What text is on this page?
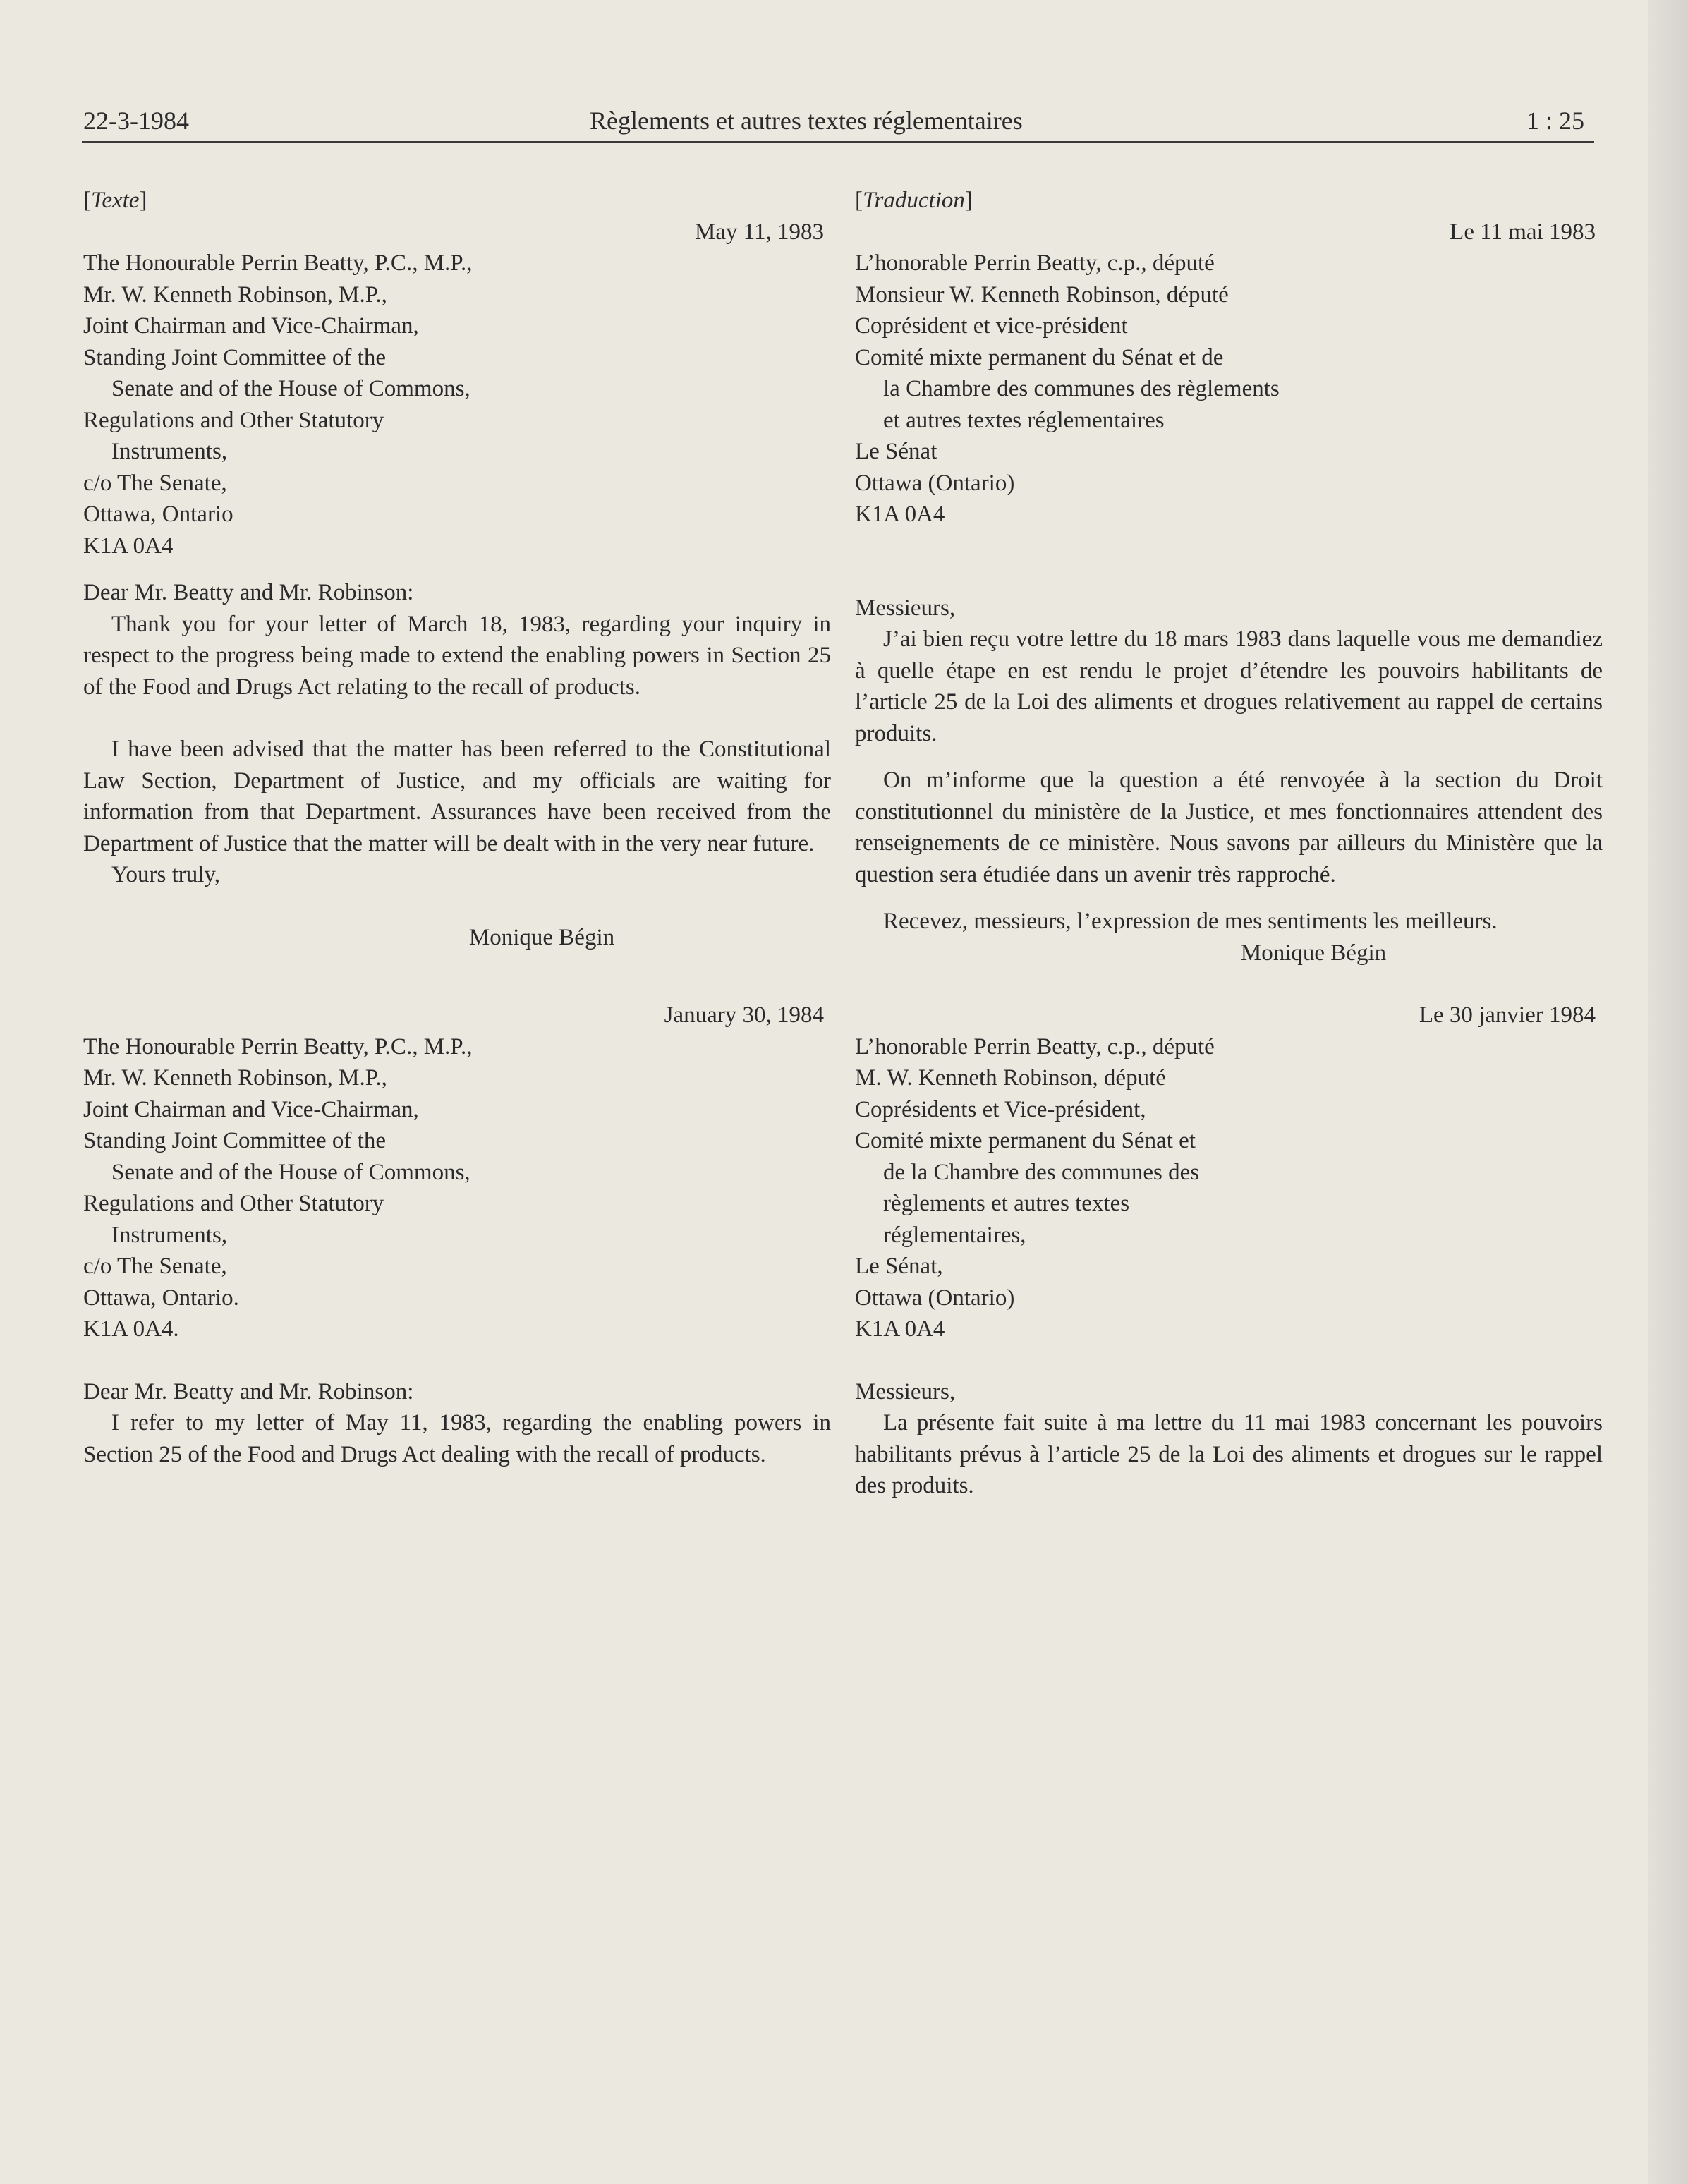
22-3-1984	Règlements et autres textes réglementaires	1 : 25
[Texte]
May 11, 1983
The Honourable Perrin Beatty, P.C., M.P.,
Mr. W. Kenneth Robinson, M.P.,
Joint Chairman and Vice-Chairman,
Standing Joint Committee of the
Senate and of the House of Commons,
Regulations and Other Statutory
Instruments,
c/o The Senate,
Ottawa, Ontario
K1A 0A4
Dear Mr. Beatty and Mr. Robinson:
Thank you for your letter of March 18, 1983, regarding your inquiry in respect to the progress being made to extend the enabling powers in Section 25 of the Food and Drugs Act relating to the recall of products.
I have been advised that the matter has been referred to the Constitutional Law Section, Department of Justice, and my officials are waiting for information from that Department. Assurances have been received from the Department of Justice that the matter will be dealt with in the very near future.
Yours truly,
Monique Bégin
January 30, 1984
The Honourable Perrin Beatty, P.C., M.P.,
Mr. W. Kenneth Robinson, M.P.,
Joint Chairman and Vice-Chairman,
Standing Joint Committee of the
Senate and of the House of Commons,
Regulations and Other Statutory
Instruments,
c/o The Senate,
Ottawa, Ontario.
K1A 0A4.
Dear Mr. Beatty and Mr. Robinson:
I refer to my letter of May 11, 1983, regarding the enabling powers in Section 25 of the Food and Drugs Act dealing with the recall of products.
[Traduction]
Le 11 mai 1983
L’honorable Perrin Beatty, c.p., député
Monsieur W. Kenneth Robinson, député
Coprésident et vice-président
Comité mixte permanent du Sénat et de
la Chambre des communes des règlements
et autres textes réglementaires
Le Sénat
Ottawa (Ontario)
K1A 0A4
Messieurs,
J’ai bien reçu votre lettre du 18 mars 1983 dans laquelle vous me demandiez à quelle étape en est rendu le projet d’étendre les pouvoirs habilitants de l’article 25 de la Loi des aliments et drogues relativement au rappel de certains produits.
On m’informe que la question a été renvoyée à la section du Droit constitutionnel du ministère de la Justice, et mes fonctionnaires attendent des renseignements de ce ministère. Nous savons par ailleurs du Ministère que la question sera étudiée dans un avenir très rapproché.
Recevez, messieurs, l’expression de mes sentiments les meilleurs.
Monique Bégin
Le 30 janvier 1984
L’honorable Perrin Beatty, c.p., député
M. W. Kenneth Robinson, député
Coprésidents et Vice-président,
Comité mixte permanent du Sénat et
de la Chambre des communes des
règlements et autres textes
réglementaires,
Le Sénat,
Ottawa (Ontario)
K1A 0A4
Messieurs,
La présente fait suite à ma lettre du 11 mai 1983 concernant les pouvoirs habilitants prévus à l’article 25 de la Loi des aliments et drogues sur le rappel des produits.
